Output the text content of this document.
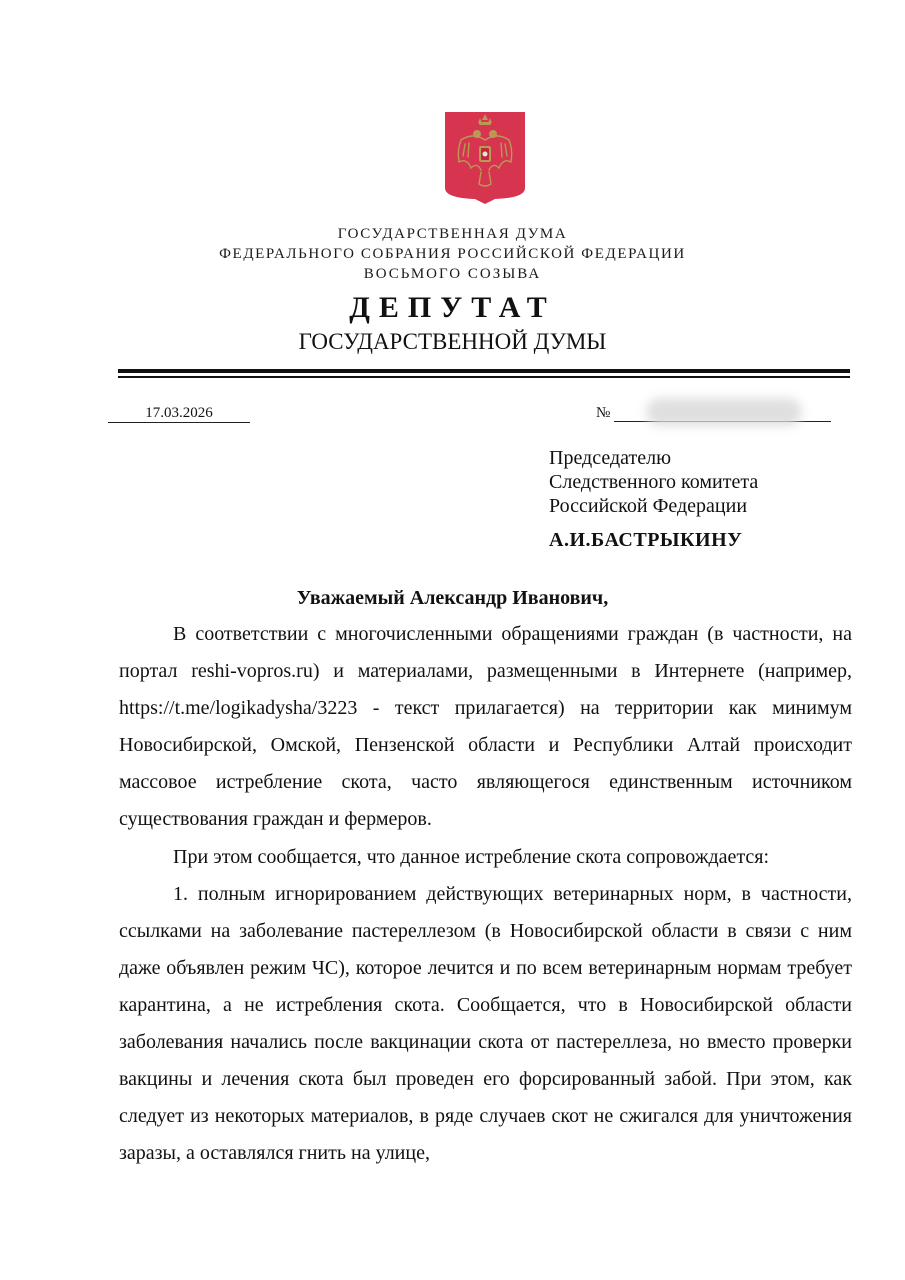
ГОСУДАРСТВЕННАЯ ДУМА
ФЕДЕРАЛЬНОГО СОБРАНИЯ РОССИЙСКОЙ ФЕДЕРАЦИИ
ВОСЬМОГО СОЗЫВА
ДЕПУТАТ
ГОСУДАРСТВЕННОЙ ДУМЫ
17.03.2026	№
Председателю
Следственного комитета
Российской Федерации
А.И.БАСТРЫКИНУ
Уважаемый Александр Иванович,

В соответствии с многочисленными обращениями граждан (в частности, на портал reshi-vopros.ru) и материалами, размещенными в Интернете (например, https://t.me/logikadysha/3223 - текст прилагается) на территории как минимум Новосибирской, Омской, Пензенской области и Республики Алтай происходит массовое истребление скота, часто являющегося единственным источником существования граждан и фермеров.

При этом сообщается, что данное истребление скота сопровождается:

1. полным игнорированием действующих ветеринарных норм, в частности, ссылками на заболевание пастереллезом (в Новосибирской области в связи с ним даже объявлен режим ЧС), которое лечится и по всем ветеринарным нормам требует карантина, а не истребления скота. Сообщается, что в Новосибирской области заболевания начались после вакцинации скота от пастереллеза, но вместо проверки вакцины и лечения скота был проведен его форсированный забой. При этом, как следует из некоторых материалов, в ряде случаев скот не сжигался для уничтожения заразы, а оставлялся гнить на улице,
